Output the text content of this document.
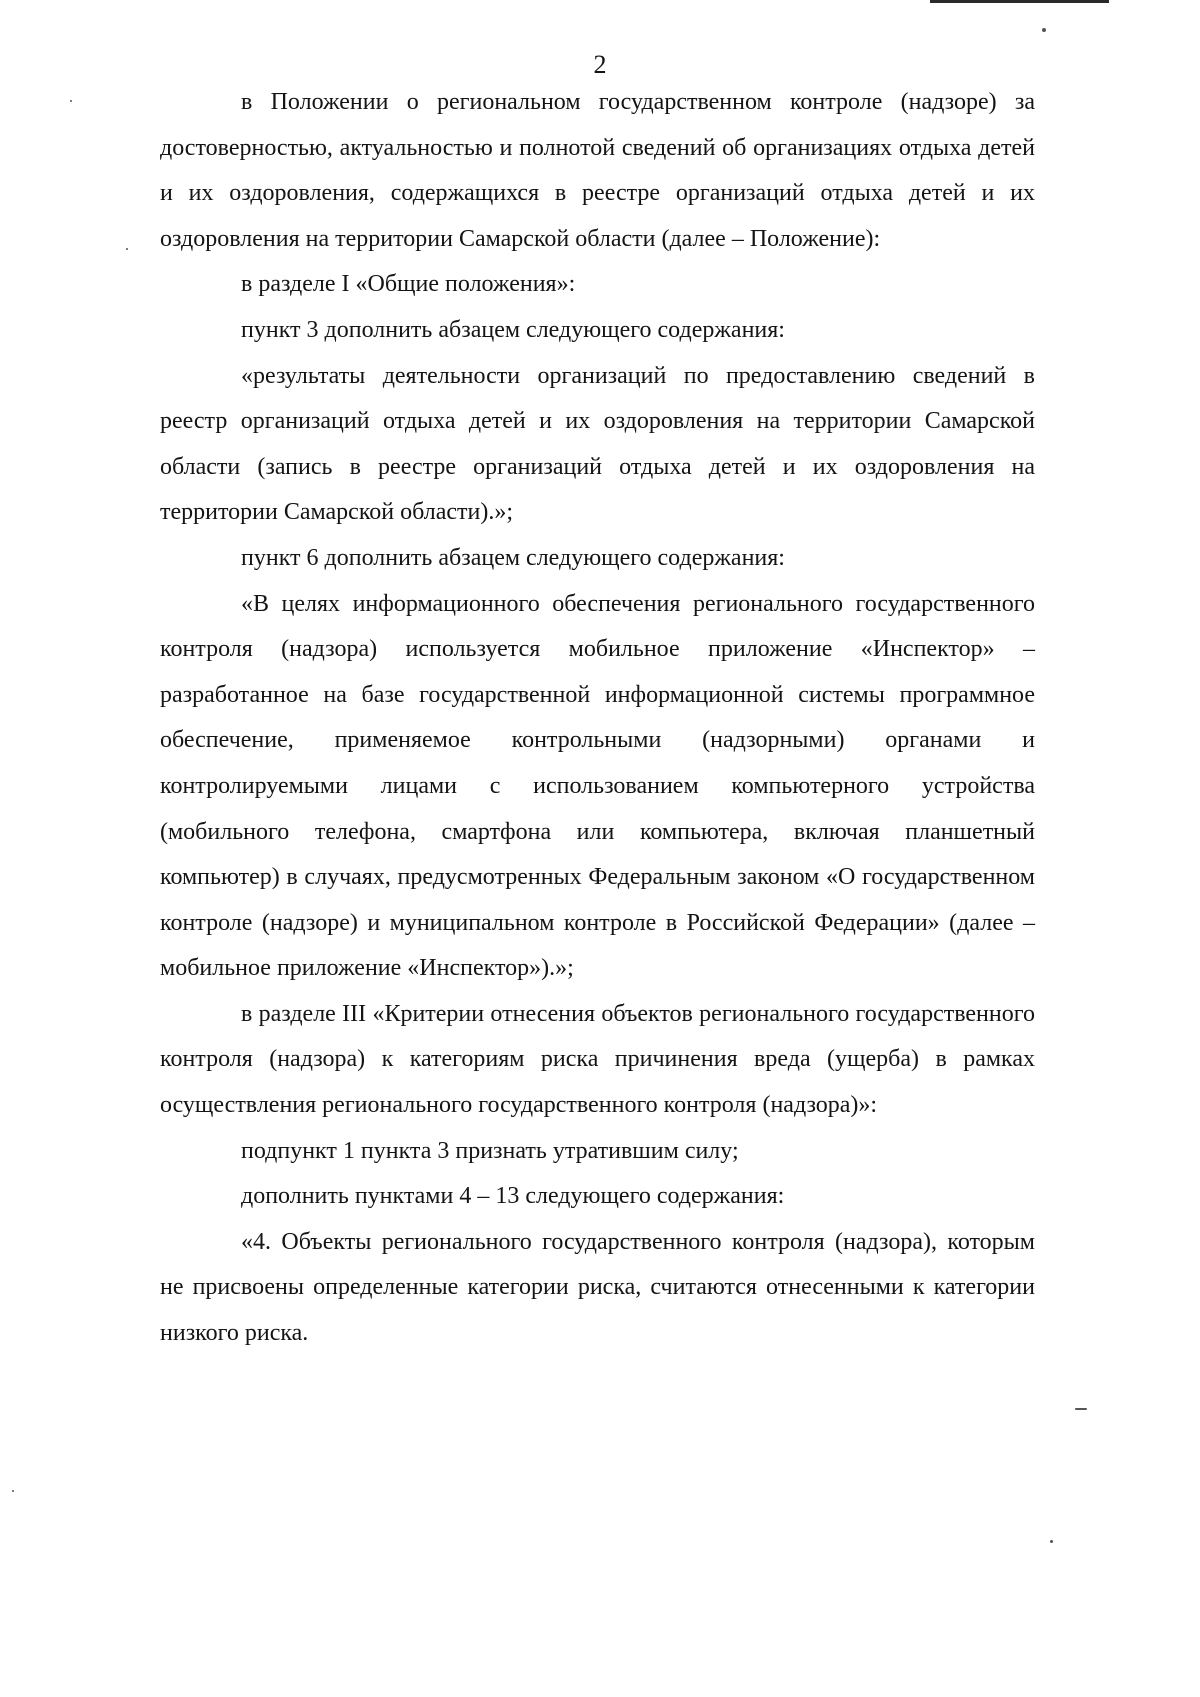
2

в Положении о региональном государственном контроле (надзоре) за достоверностью, актуальностью и полнотой сведений об организациях отдыха детей и их оздоровления, содержащихся в реестре организаций отдыха детей и их оздоровления на территории Самарской области (далее – Положение):

в разделе I «Общие положения»:

пункт 3 дополнить абзацем следующего содержания:

«результаты деятельности организаций по предоставлению сведений в реестр организаций отдыха детей и их оздоровления на территории Самарской области (запись в реестре организаций отдыха детей и их оздоровления на территории Самарской области).»;

пункт 6 дополнить абзацем следующего содержания:

«В целях информационного обеспечения регионального государственного контроля (надзора) используется мобильное приложение «Инспектор» – разработанное на базе государственной информационной системы программное обеспечение, применяемое контрольными (надзорными) органами и контролируемыми лицами с использованием компьютерного устройства (мобильного телефона, смартфона или компьютера, включая планшетный компьютер) в случаях, предусмотренных Федеральным законом «О государственном контроле (надзоре) и муниципальном контроле в Российской Федерации» (далее – мобильное приложение «Инспектор»).»;

в разделе III «Критерии отнесения объектов регионального государственного контроля (надзора) к категориям риска причинения вреда (ущерба) в рамках осуществления регионального государственного контроля (надзора)»:

подпункт 1 пункта 3 признать утратившим силу;

дополнить пунктами 4 – 13 следующего содержания:

«4. Объекты регионального государственного контроля (надзора), которым не присвоены определенные категории риска, считаются отнесенными к категории низкого риска.
